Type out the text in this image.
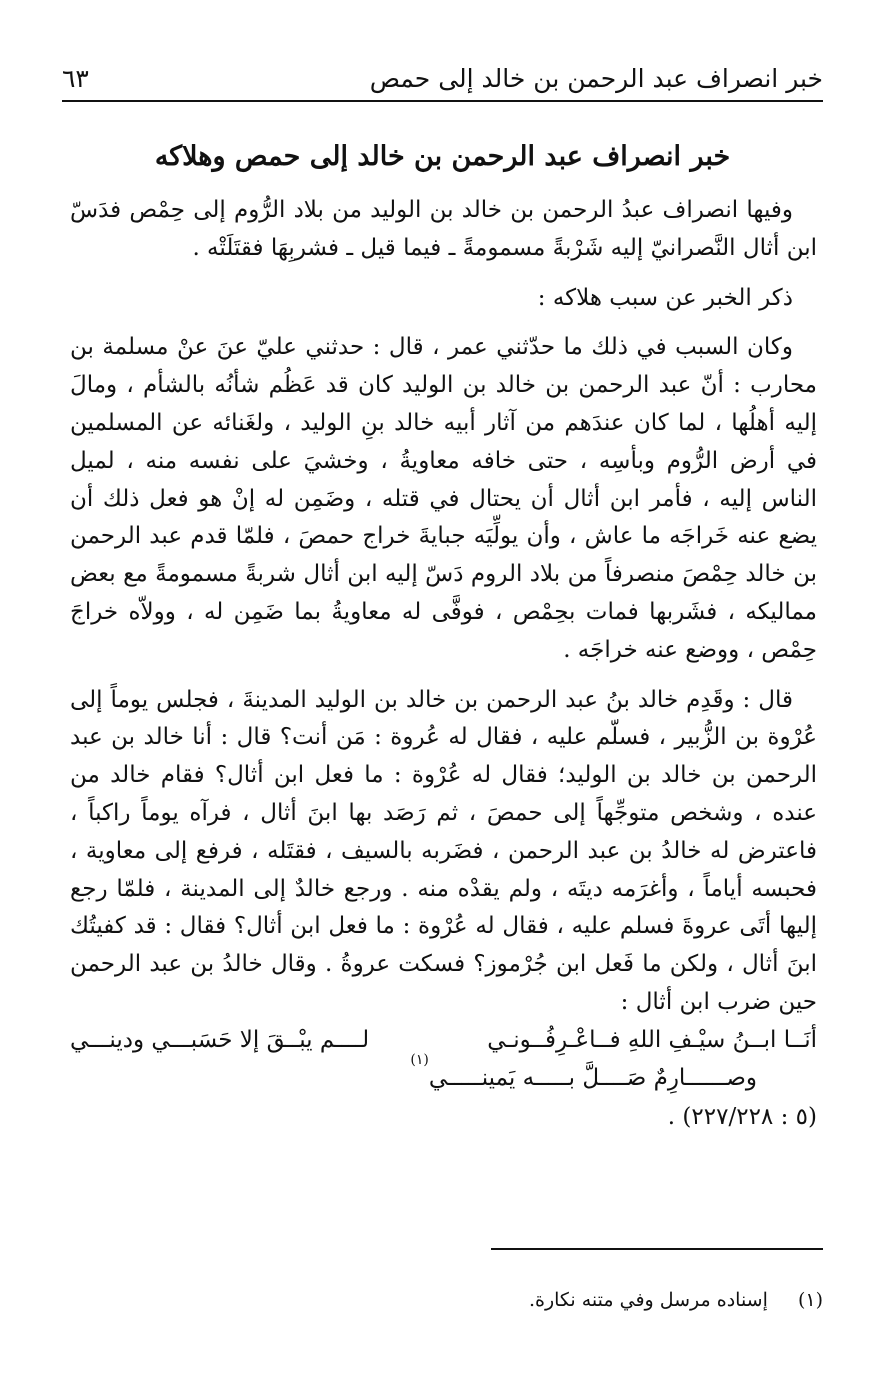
خبر انصراف عبد الرحمن بن خالد إلى حمص
٦٣
خبر انصراف عبد الرحمن بن خالد إلى حمص وهلاكه

وفيها انصراف عبدُ الرحمن بن خالد بن الوليد من بلاد الرُّوم إلى حِمْص فدَسّ ابن أثال النَّصرانيّ إليه شَرْبةً مسمومةً ـ فيما قيل ـ فشربِهَا فقتَلَتْه .

ذكر الخبر عن سبب هلاكه :

وكان السبب في ذلك ما حدّثني عمر ، قال : حدثني عليّ عنَ عنْ مسلمة بن محارب : أنّ عبد الرحمن بن خالد بن الوليد كان قد عَظُم شأنُه بالشأم ، ومالَ إليه أهلُها ، لما كان عندَهم من آثار أبيه خالد بنِ الوليد ، ولغَنائه عن المسلمين في أرض الرُّوم وبأسِه ، حتى خافه معاويةُ ، وخشيَ على نفسه منه ، لميل الناس إليه ، فأمر ابن أثال أن يحتال في قتله ، وضَمِن له إنْ هو فعل ذلك أن يضع عنه خَراجَه ما عاش ، وأن يولِّيَه جبايةَ خراج حمصَ ، فلمّا قدم عبد الرحمن بن خالد حِمْصَ منصرفاً من بلاد الروم دَسّ إليه ابن أثال شربةً مسمومةً مع بعض مماليكه ، فشَربها فمات بحِمْص ، فوفَّى له معاويةُ بما ضَمِن له ، وولاّه خراجَ حِمْص ، ووضع عنه خراجَه .

قال : وقَدِم خالد بنُ عبد الرحمن بن خالد بن الوليد المدينةَ ، فجلس يوماً إلى عُرْوة بن الزُّبير ، فسلّم عليه ، فقال له عُروة : مَن أنت؟ قال : أنا خالد بن عبد الرحمن بن خالد بن الوليد؛ فقال له عُرْوة : ما فعل ابن أثال؟ فقام خالد من عنده ، وشخص متوجِّهاً إلى حمصَ ، ثم رَصَد بها ابنَ أثال ، فرآه يوماً راكباً ، فاعترض له خالدُ بن عبد الرحمن ، فضَربه بالسيف ، فقتَله ، فرفع إلى معاوية ، فحبسه أياماً ، وأغرَمه ديتَه ، ولم يقدْه منه . ورجع خالدٌ إلى المدينة ، فلمّا رجع إليها أتَى عروةَ فسلم عليه ، فقال له عُرْوة : ما فعل ابن أثال؟ فقال : قد كفيتُك ابنَ أثال ، ولكن ما فَعل ابن جُرْموز؟ فسكت عروةُ . وقال خالدُ بن عبد الرحمن حين ضرب ابن أثال :

أنَــا ابــنُ سيْـفِ اللهِ فــاعْـرِفُــونـي
لــــم يبْــقَ إلا حَسَبـــي ودينـــي
وصــــــارِمٌ صَــــلَّ بـــــه يَمينـــــي
(١)

(٥ : ٢٢٧/٢٢٨) .

(١) إسناده مرسل وفي متنه نكارة.
